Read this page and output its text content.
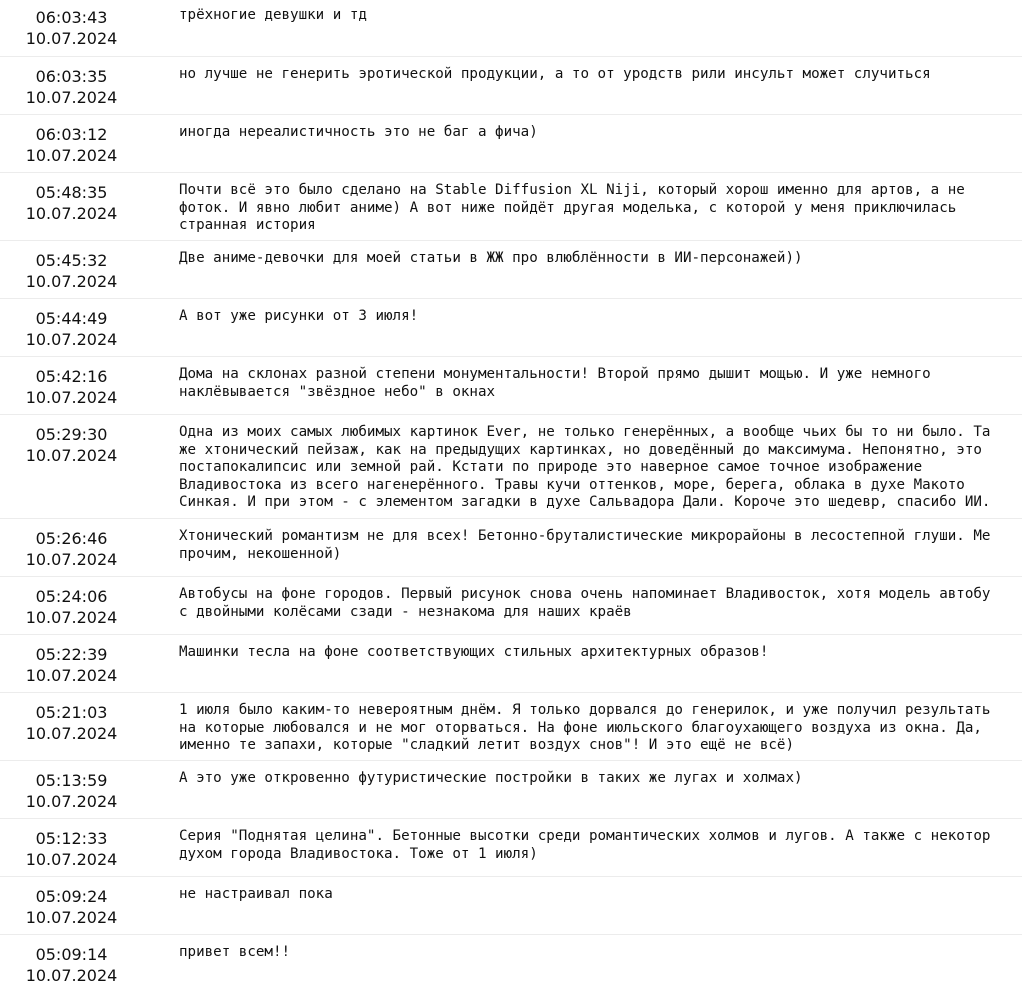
06:03:43
10.07.2024
трёхногие девушки и тд
06:03:35
10.07.2024
но лучше не генерить эротической продукции, а то от уродств рили инсульт может случиться
06:03:12
10.07.2024
иногда нереалистичность это не баг а фича)
05:48:35
10.07.2024
Почти всё это было сделано на Stable Diffusion XL Niji, который хорош именно для артов, а не
фоток. И явно любит аниме) А вот ниже пойдёт другая моделька, с которой у меня приключилась
странная история
05:45:32
10.07.2024
Две аниме-девочки для моей статьи в ЖЖ про влюблённости в ИИ-персонажей))
05:44:49
10.07.2024
А вот уже рисунки от 3 июля!
05:42:16
10.07.2024
Дома на склонах разной степени монументальности! Второй прямо дышит мощью. И уже немного
наклёвывается "звёздное небо" в окнах
05:29:30
10.07.2024
Одна из моих самых любимых картинок Ever, не только генерённых, а вообще чьих бы то ни было. Та
же хтонический пейзаж, как на предыдущих картинках, но доведённый до максимума. Непонятно, это
постапокалипсис или земной рай. Кстати по природе это наверное самое точное изображение
Владивостока из всего нагенерённого. Травы кучи оттенков, море, берега, облака в духе Макото
Синкая. И при этом - с элементом загадки в духе Сальвадора Дали. Короче это шедевр, спасибо ИИ.
05:26:46
10.07.2024
Хтонический романтизм не для всех! Бетонно-бруталистические микрорайоны в лесостепной глуши. Ме
прочим, некошенной)
05:24:06
10.07.2024
Автобусы на фоне городов. Первый рисунок снова очень напоминает Владивосток, хотя модель автобу
с двойными колёсами сзади - незнакома для наших краёв
05:22:39
10.07.2024
Машинки тесла на фоне соответствующих стильных архитектурных образов!
05:21:03
10.07.2024
1 июля было каким-то невероятным днём. Я только дорвался до генерилок, и уже получил результать
на которые любовался и не мог оторваться. На фоне июльского благоухающего воздуха из окна. Да,
именно те запахи, которые "сладкий летит воздух снов"! И это ещё не всё)
05:13:59
10.07.2024
А это уже откровенно футуристические постройки в таких же лугах и холмах)
05:12:33
10.07.2024
Серия "Поднятая целина". Бетонные высотки среди романтических холмов и лугов. А также с некотор
духом города Владивостока. Тоже от 1 июля)
05:09:24
10.07.2024
не настраивал пока
05:09:14
10.07.2024
привет всем!!
